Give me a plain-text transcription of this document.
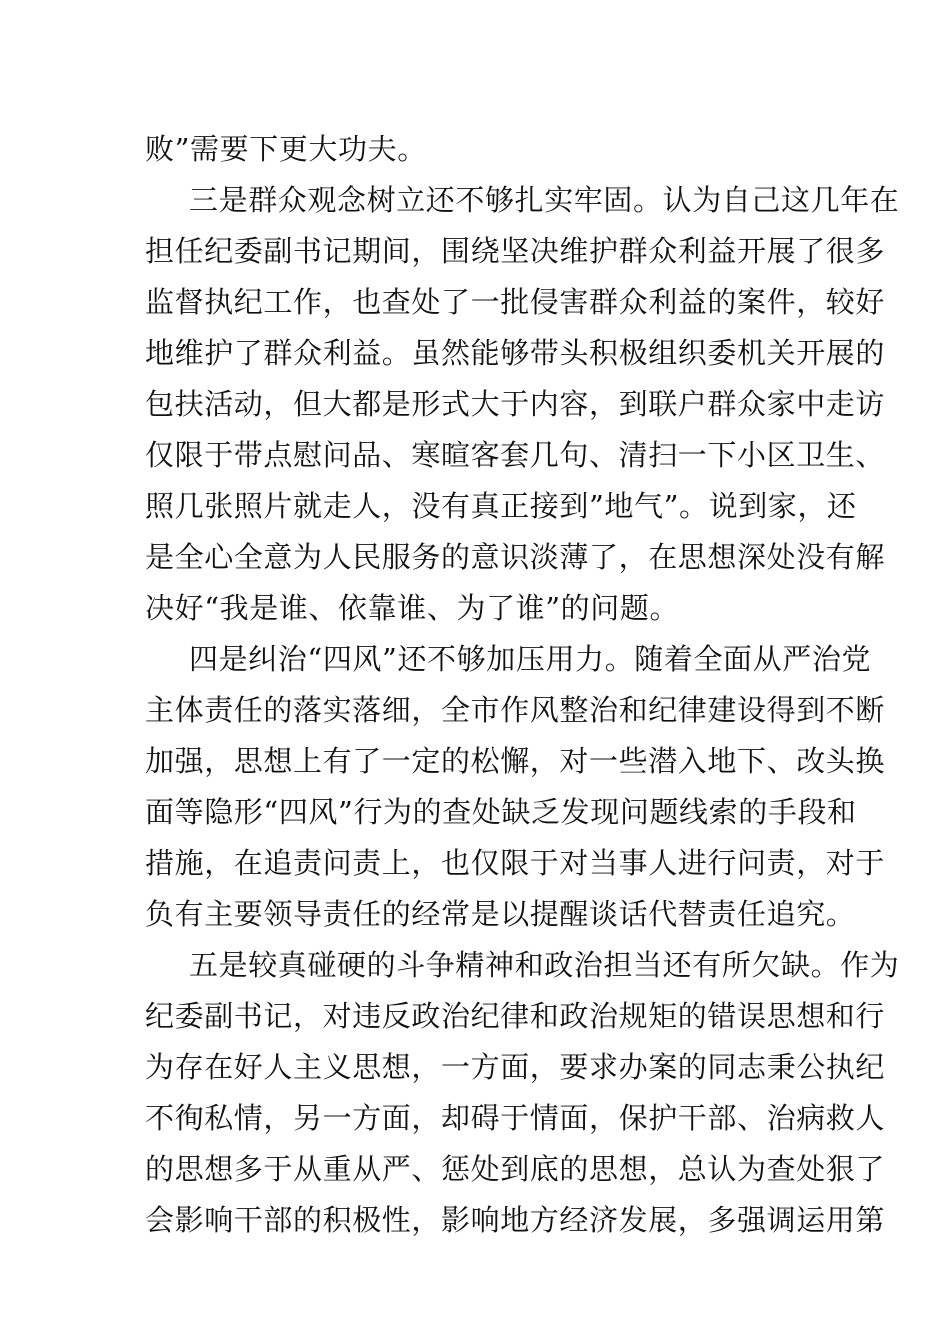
败”需要下更大功夫。

三是群众观念树立还不够扎实牢固。认为自己这几年在

担任纪委副书记期间，围绕坚决维护群众利益开展了很多

监督执纪工作，也查处了一批侵害群众利益的案件，较好

地维护了群众利益。虽然能够带头积极组织委机关开展的

包扶活动，但大都是形式大于内容，到联户群众家中走访

仅限于带点慰问品、寒暄客套几句、清扫一下小区卫生、

照几张照片就走人，没有真正接到”地气”。说到家，还

是全心全意为人民服务的意识淡薄了，在思想深处没有解

决好“我是谁、依靠谁、为了谁”的问题。

四是纠治“四风”还不够加压用力。随着全面从严治党

主体责任的落实落细，全市作风整治和纪律建设得到不断

加强，思想上有了一定的松懈，对一些潜入地下、改头换

面等隐形“四风”行为的查处缺乏发现问题线索的手段和

措施，在追责问责上，也仅限于对当事人进行问责，对于

负有主要领导责任的经常是以提醒谈话代替责任追究。

五是较真碰硬的斗争精神和政治担当还有所欠缺。作为

纪委副书记，对违反政治纪律和政治规矩的错误思想和行

为存在好人主义思想，一方面，要求办案的同志秉公执纪

不徇私情，另一方面，却碍于情面，保护干部、治病救人

的思想多于从重从严、惩处到底的思想，总认为查处狠了

会影响干部的积极性，影响地方经济发展，多强调运用第
